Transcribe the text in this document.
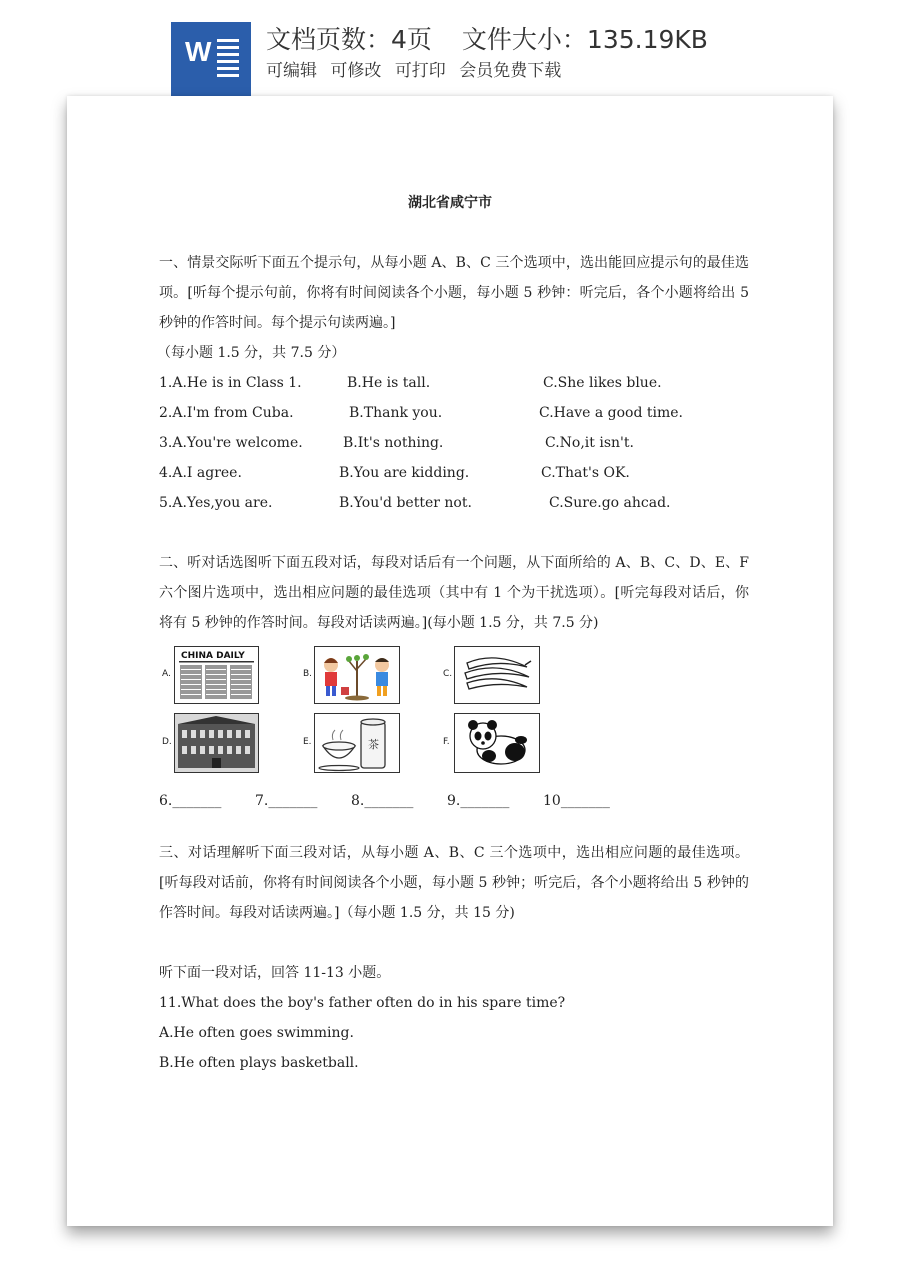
W 文档页数：4页 文件大小：135.19KB
可编辑 可修改 可打印 会员免费下载
湖北省咸宁市
一、情景交际听下面五个提示句，从每小题 A、B、C 三个选项中，选出能回应提示句的最佳选项。[听每个提示句前，你将有时间阅读各个小题，每小题 5 秒钟：听完后，各个小题将给出 5 秒钟的作答时间。每个提示句读两遍。]
（每小题 1.5 分，共 7.5 分）
1.A.He is in Class 1.	B.He is tall.	C.She likes blue.
2.A.I'm from Cuba.	B.Thank you.	C.Have a good time.
3.A.You're welcome.	B.It's nothing.	C.No,it isn't.
4.A.I agree.	B.You are kidding.	C.That's OK.
5.A.Yes,you are.	B.You'd better not.	C.Sure.go ahcad.
二、听对话选图听下面五段对话，每段对话后有一个问题，从下面所给的 A、B、C、D、E、F 六个图片选项中，选出相应问题的最佳选项（其中有 1 个为干扰选项）。[听完每段对话后，你将有 5 秒钟的作答时间。每段对话读两遍。](每小题 1.5 分，共 7.5 分)
A.
CHINA DAILY
B.	C.
D.	E.	茶	F.
6._______ 7._______ 8._______ 9._______ 10_______
三、对话理解听下面三段对话，从每小题 A、B、C 三个选项中，选出相应问题的最佳选项。[听每段对话前，你将有时间阅读各个小题，每小题 5 秒钟；听完后，各个小题将给出 5 秒钟的作答时间。每段对话读两遍。]（每小题 1.5 分，共 15 分)
听下面一段对话，回答 11-13 小题。
11.What does the boy's father often do in his spare time?
A.He often goes swimming.
B.He often plays basketball.
